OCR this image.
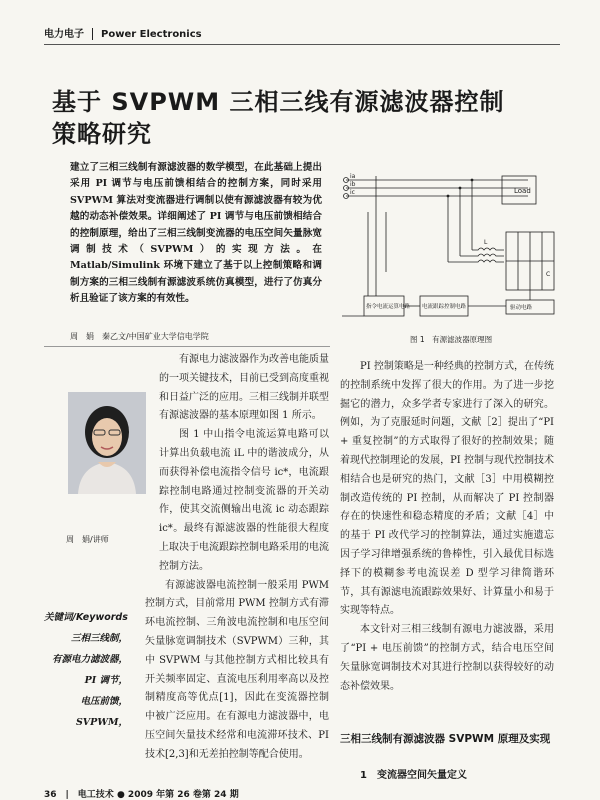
电力电子 Power Electronics
基于 SVPWM 三相三线有源滤波器控制
策略研究
建立了三相三线制有源滤波器的数学模型，在此基础上提出采用 PI 调节与电压前馈相结合的控制方案，同时采用 SVPWM 算法对变流器进行调制以使有源滤波器有较为优越的动态补偿效果。详细阐述了 PI 调节与电压前馈相结合的控制原理，给出了三相三线制变流器的电压空间矢量脉宽调制技术（SVPWM）的实现方法。在 Matlab/Simulink 环境下建立了基于以上控制策略和调制方案的三相三线制有源滤波系统仿真模型，进行了仿真分析且验证了该方案的有效性。
周　娟　秦乙文/中国矿业大学信电学院
周　娟/讲师
关键词/Keywords
三相三线制，
有源电力滤波器，
PI 调节，
电压前馈，
SVPWM，

有源电力滤波器作为改善电能质量的一项关键技术，目前已受到高度重视和日益广泛的应用。三相三线制并联型有源滤波器的基本原理如图 1 所示。

图 1 中山指令电流运算电路可以计算出负载电流 iL 中的谐波成分，从而获得补偿电流指令信号 ic*，电流跟踪控制电路通过控制变流器的开关动作，使其交流侧输出电流 ic 动态跟踪 ic*。最终有源滤波器的性能很大程度上取决于电流跟踪控制电路采用的电流控制方法。

有源滤波器电流控制一般采用 PWM 控制方式，目前常用 PWM 控制方式有滞环电流控制、三角波电流控制和电压空间矢量脉宽调制技术（SVPWM）三种，其中 SVPWM 与其他控制方式相比较具有开关频率固定、直流电压利用率高以及控制精度高等优点[1]，因此在变流器控制中被广泛应用。在有源电力滤波器中，电压空间矢量技术经常和电流滞环技术、PI 技术[2,3]和无差拍控制等配合使用。

Load
ia
ib
ic
L
C
指令电流运算电路 电流跟踪控制电路	驱动电路
图 1　有源滤波器原理图

PI 控制策略是一种经典的控制方式，在传统的控制系统中发挥了很大的作用。为了进一步挖掘它的潜力，众多学者专家进行了深入的研究。例如，为了克服延时问题，文献［2］提出了“PI + 重复控制”的方式取得了很好的控制效果；随着现代控制理论的发展，PI 控制与现代控制技术相结合也是研究的热门，文献［3］中用模糊控制改造传统的 PI 控制，从而解决了 PI 控制器存在的快速性和稳态精度的矛盾；文献［4］中的基于 PI 改代学习的控制算法，通过实施遗忘因子学习律增强系统的鲁棒性，引入最优目标选择下的模糊参考电流误差 D 型学习律简谐环节，其有源滤电流跟踪效果好、计算量小和易于实现等特点。

本文针对三相三线制有源电力滤波器，采用了“PI + 电压前馈”的控制方式，结合电压空间矢量脉宽调制技术对其进行控制以获得较好的动态补偿效果。

三相三线制有源滤波器 SVPWM 原理及实现
1　变流器空间矢量定义
36　|　电工技术 ● 2009 年第 26 卷第 24 期
